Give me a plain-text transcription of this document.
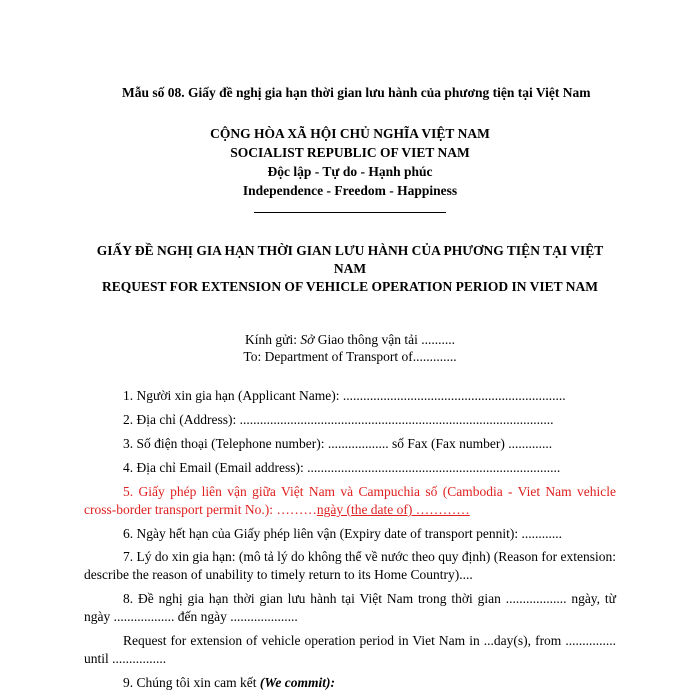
Mẫu số 08. Giấy đề nghị gia hạn thời gian lưu hành của phương tiện tại Việt Nam
CỘNG HÒA XÃ HỘI CHỦ NGHĨA VIỆT NAM
SOCIALIST REPUBLIC OF VIET NAM
Độc lập - Tự do - Hạnh phúc
Independence - Freedom - Happiness
GIẤY ĐỀ NGHỊ GIA HẠN THỜI GIAN LƯU HÀNH CỦA PHƯƠNG TIỆN TẠI VIỆT NAM
REQUEST FOR EXTENSION OF VEHICLE OPERATION PERIOD IN VIET NAM
Kính gửi: Sở Giao thông vận tải ..........
To: Department of Transport of.............
1. Người xin gia hạn (Applicant Name): ..................................................................
2. Địa chỉ (Address): .............................................................................................
3. Số điện thoại (Telephone number): .................. số Fax (Fax number) .............
4. Địa chỉ Email (Email address): ...........................................................................
5. Giấy phép liên vận giữa Việt Nam và Campuchia số (Cambodia - Viet Nam vehicle cross-border transport permit No.): ………ngày (the date of) …………
6. Ngày hết hạn của Giấy phép liên vận (Expiry date of transport pennit): ............
7. Lý do xin gia hạn: (mô tả lý do không thể về nước theo quy định) (Reason for extension: describe the reason of unability to timely return to its Home Country)....
8. Đề nghị gia hạn thời gian lưu hành tại Việt Nam trong thời gian .................. ngày, từ ngày .................. đến ngày ....................
Request for extension of vehicle operation period in Viet Nam in ...day(s), from ............... until ................
9. Chúng tôi xin cam kết (We commit):
